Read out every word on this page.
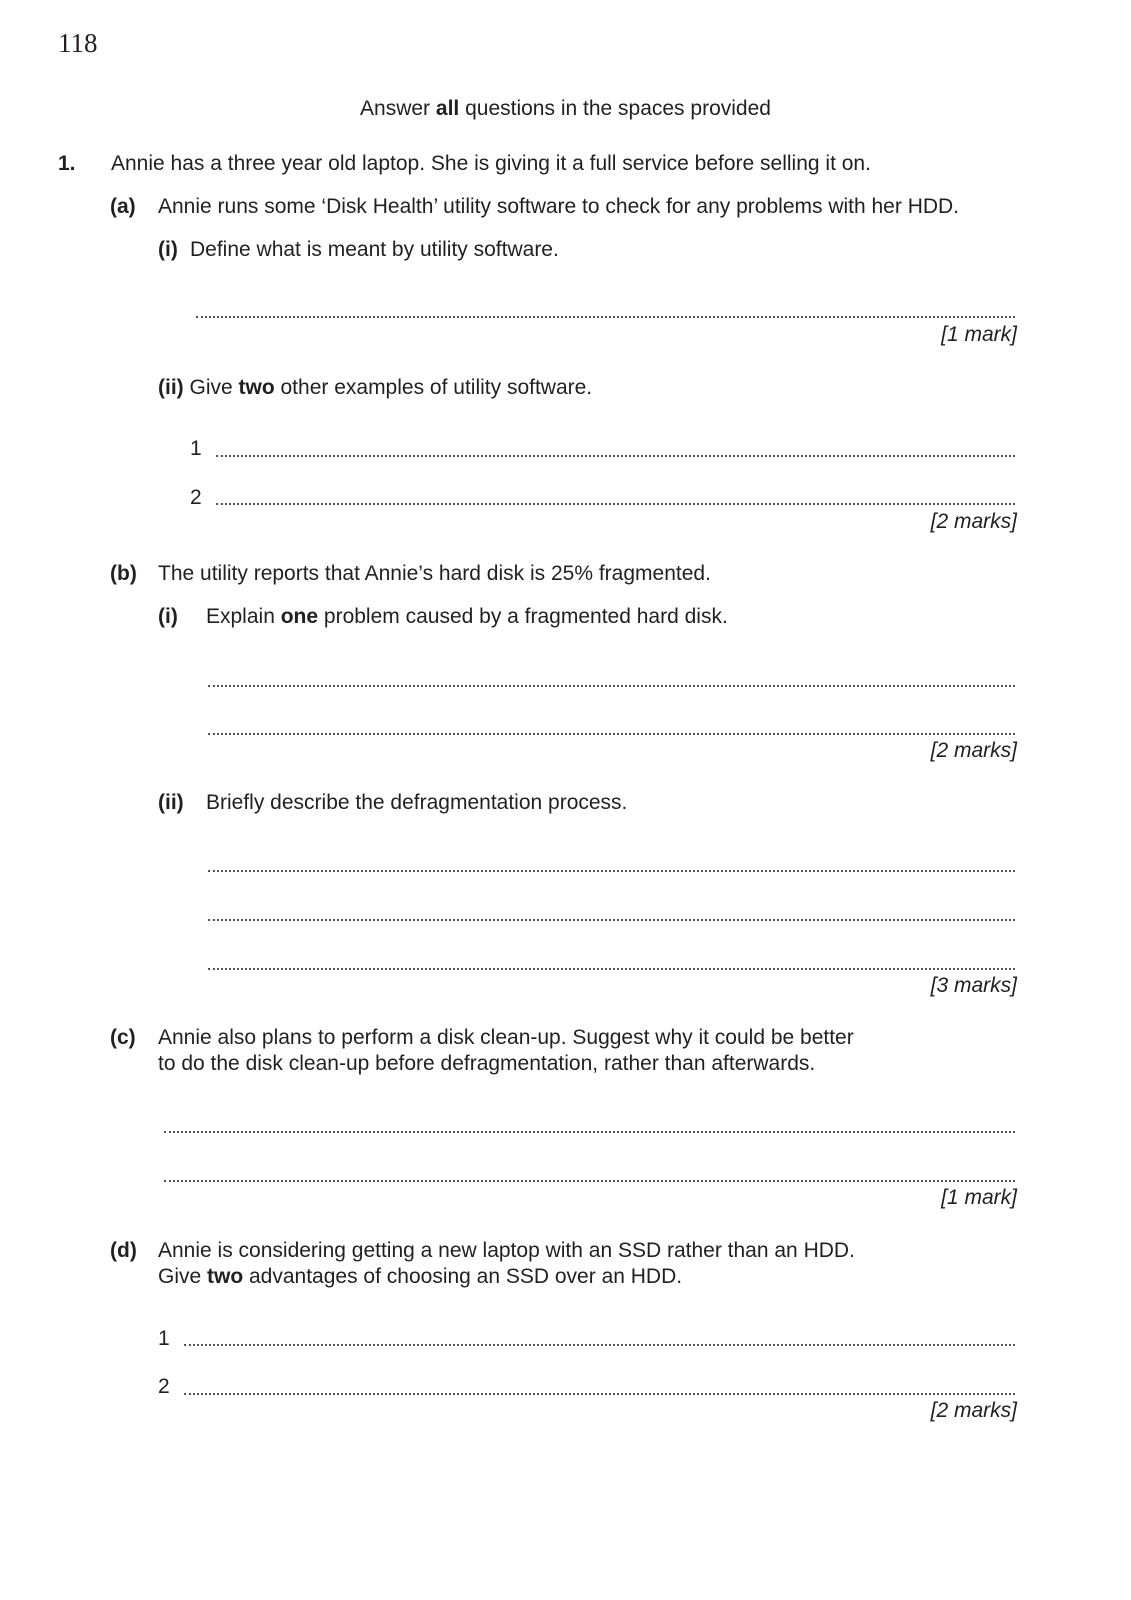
118
Answer all questions in the spaces provided
1. Annie has a three year old laptop. She is giving it a full service before selling it on.
(a) Annie runs some ‘Disk Health’ utility software to check for any problems with her HDD.
(i) Define what is meant by utility software.
[1 mark]
(ii) Give two other examples of utility software.
1
2
[2 marks]
(b) The utility reports that Annie’s hard disk is 25% fragmented.
(i) Explain one problem caused by a fragmented hard disk.
[2 marks]
(ii) Briefly describe the defragmentation process.
[3 marks]
(c) Annie also plans to perform a disk clean-up. Suggest why it could be better
to do the disk clean-up before defragmentation, rather than afterwards.
[1 mark]
(d) Annie is considering getting a new laptop with an SSD rather than an HDD.
Give two advantages of choosing an SSD over an HDD.
1
2
[2 marks]
